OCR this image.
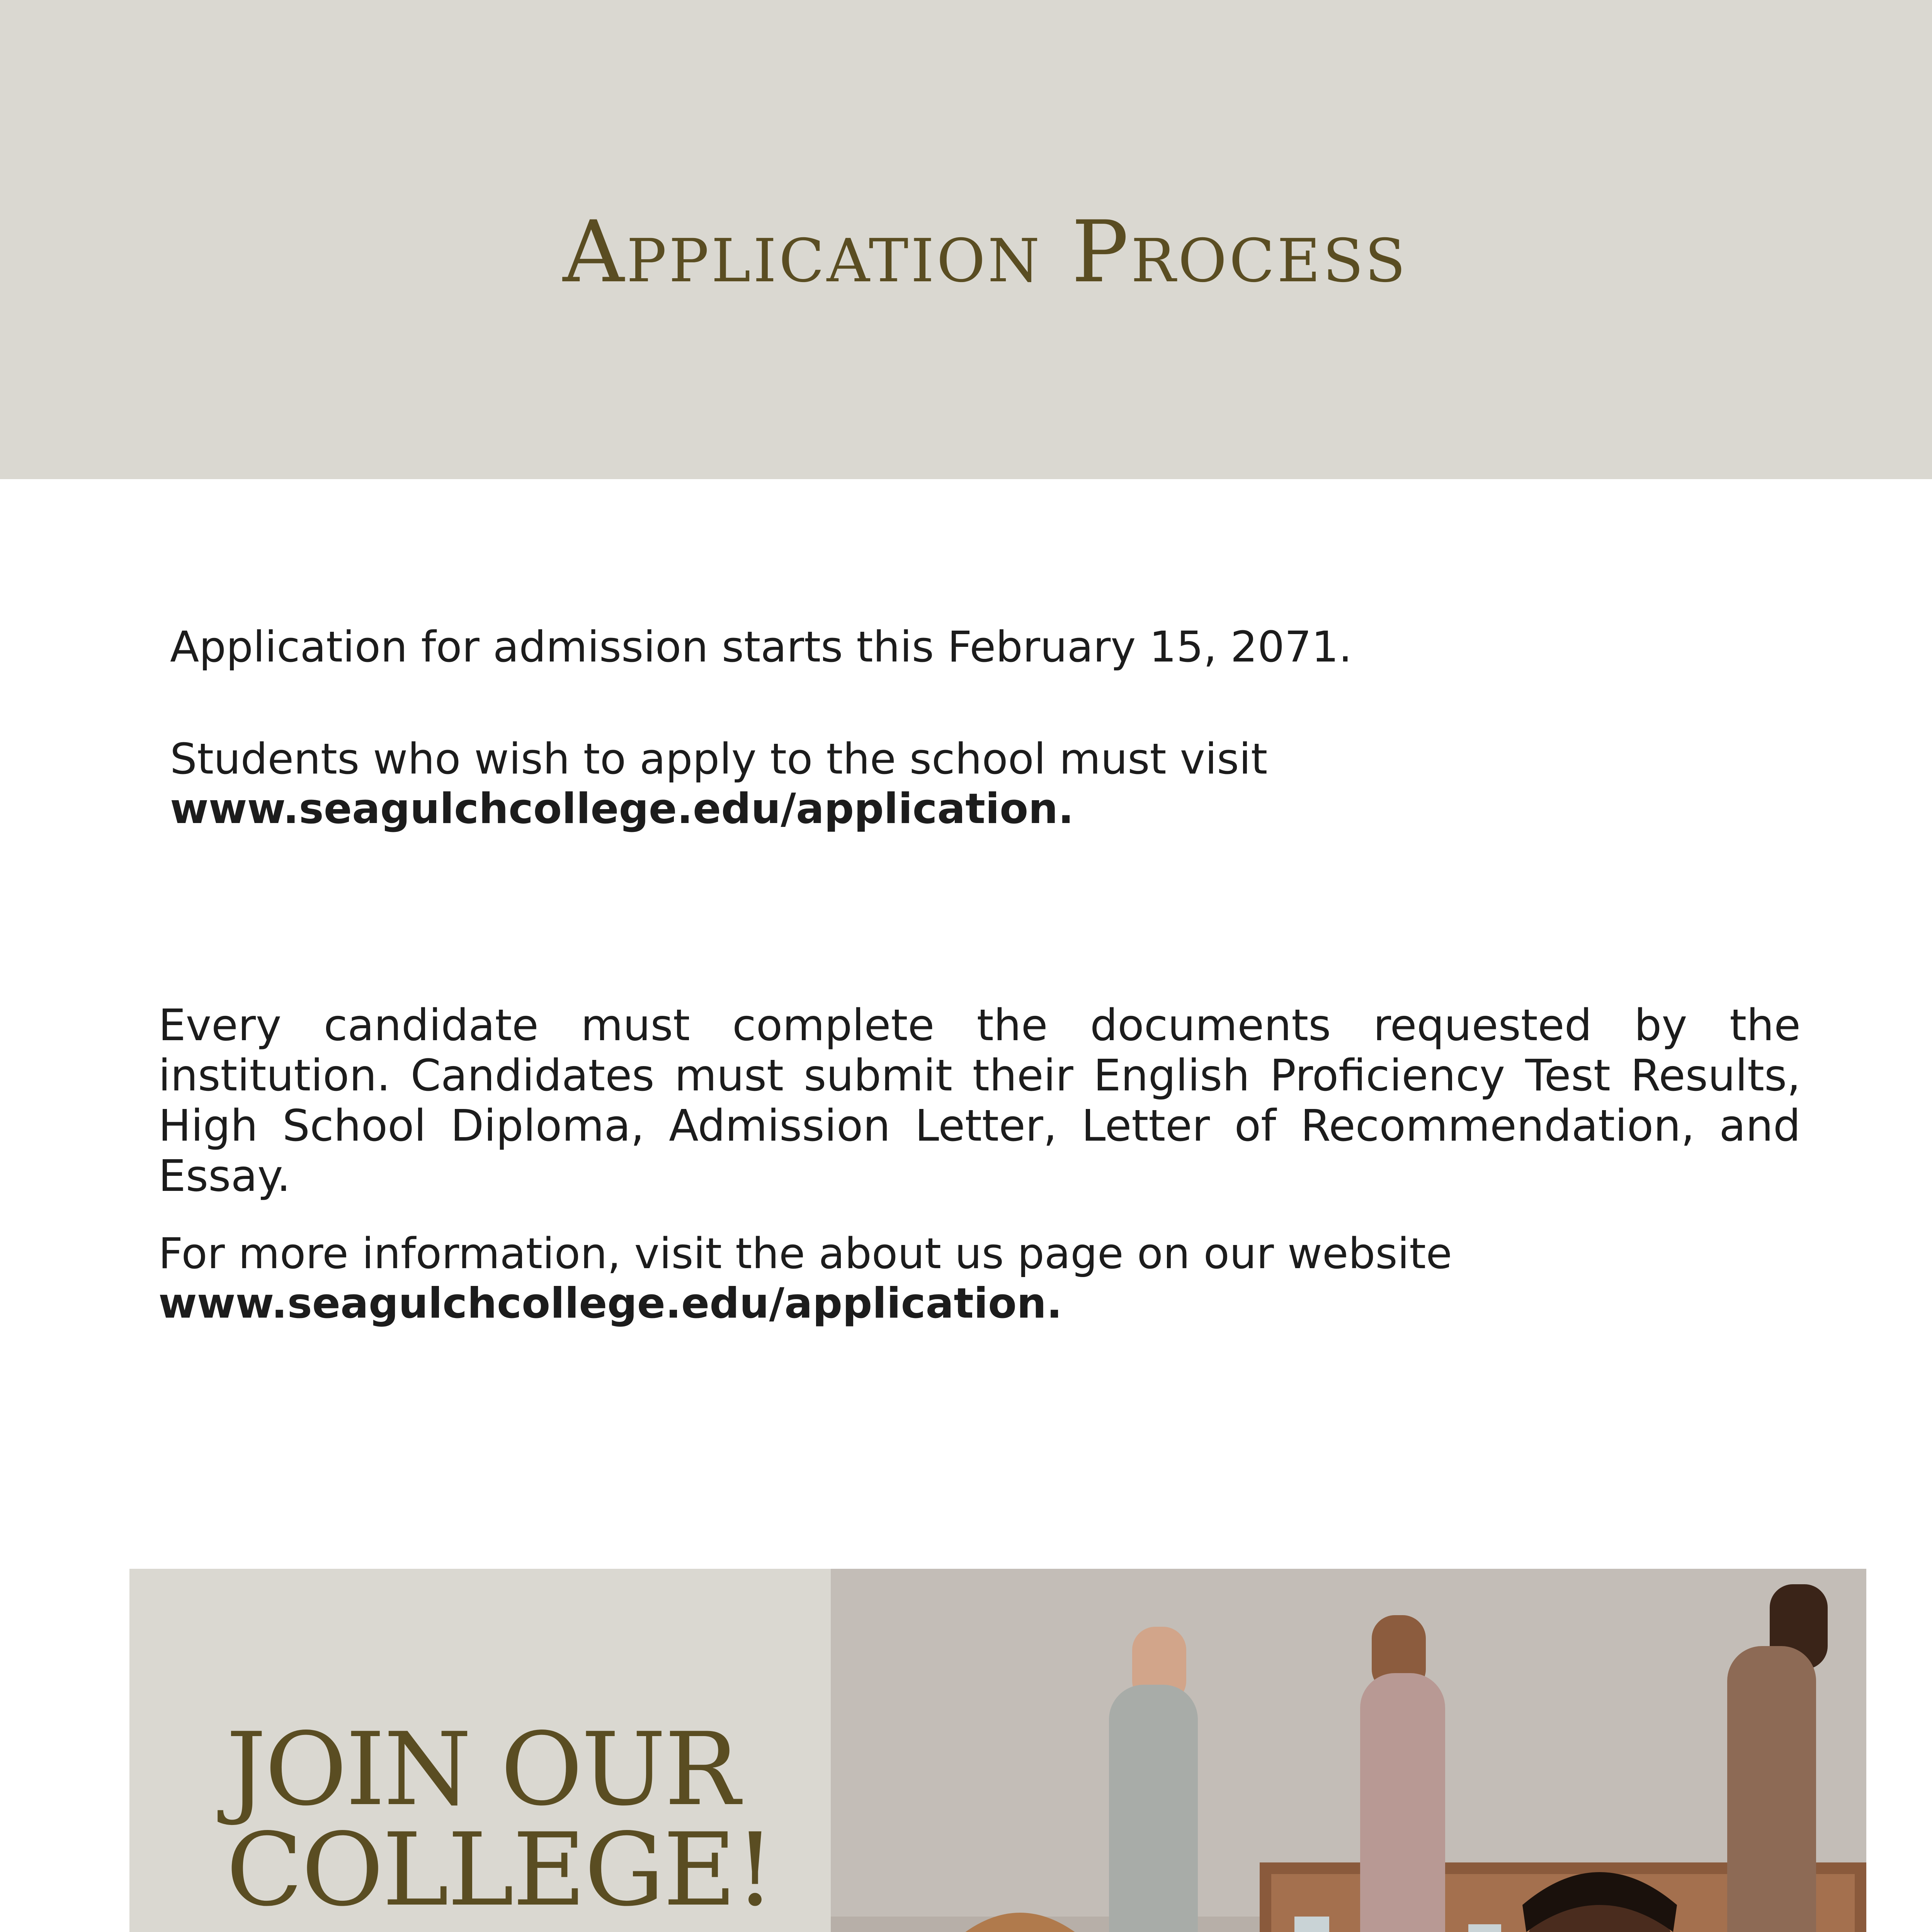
Application Process

Application for admission starts this February 15, 2071.

Students who wish to apply to the school must visit

www.seagulchcollege.edu/application.

Every candidate must complete the documents requested by the institution. Candidates must submit their English Proficiency Test Results, High School Diploma, Admission Letter, Letter of Recommendation, and Essay.

For more information, visit the about us page on our website

www.seagulchcollege.edu/application.
JOIN OUR
COLLEGE!
